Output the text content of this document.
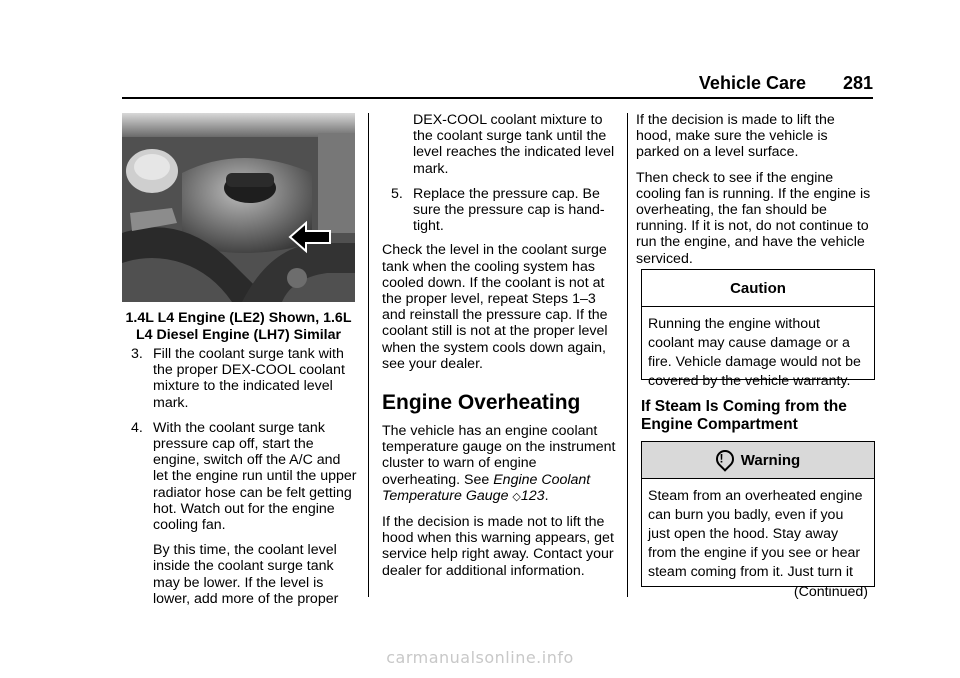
Vehicle Care 281
1.4L L4 Engine (LE2) Shown, 1.6L
L4 Diesel Engine (LH7) Similar
3. Fill the coolant surge tank with the proper DEX-COOL coolant mixture to the indicated level mark.

4. With the coolant surge tank pressure cap off, start the engine, switch off the A/C and let the engine run until the upper radiator hose can be felt getting hot. Watch out for the engine cooling fan.

By this time, the coolant level inside the coolant surge tank may be lower. If the level is lower, add more of the proper

DEX-COOL coolant mixture to the coolant surge tank until the level reaches the indicated level mark.

5. Replace the pressure cap. Be sure the pressure cap is hand-tight.

Check the level in the coolant surge tank when the cooling system has cooled down. If the coolant is not at the proper level, repeat Steps 1–3 and reinstall the pressure cap. If the coolant still is not at the proper level when the system cools down again, see your dealer.

Engine Overheating

The vehicle has an engine coolant temperature gauge on the instrument cluster to warn of engine overheating. See Engine Coolant Temperature Gauge ◇123.

If the decision is made not to lift the hood when this warning appears, get service help right away. Contact your dealer for additional information.

If the decision is made to lift the hood, make sure the vehicle is parked on a level surface.

Then check to see if the engine cooling fan is running. If the engine is overheating, the fan should be running. If it is not, do not continue to run the engine, and have the vehicle serviced.

Caution
Running the engine without coolant may cause damage or a fire. Vehicle damage would not be covered by the vehicle warranty.
If Steam Is Coming from the Engine Compartment
!
Warning
Steam from an overheated engine can burn you badly, even if you just open the hood. Stay away from the engine if you see or hear steam coming from it. Just turn it
(Continued)
carmanualsonline.info
